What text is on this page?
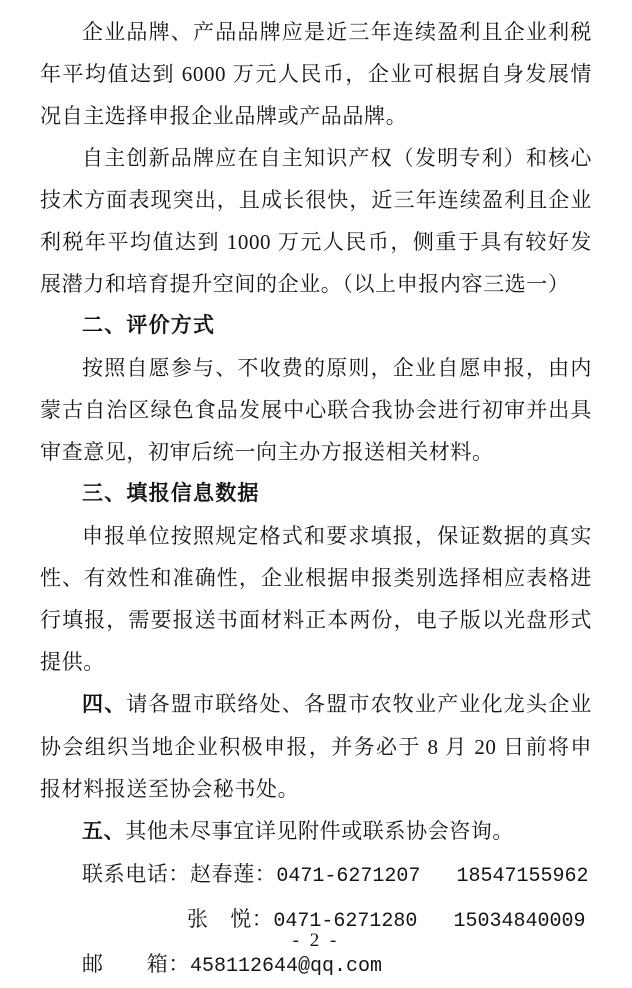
企业品牌、产品品牌应是近三年连续盈利且企业利税年平均值达到 6000 万元人民币，企业可根据自身发展情况自主选择申报企业品牌或产品品牌。

自主创新品牌应在自主知识产权（发明专利）和核心技术方面表现突出，且成长很快，近三年连续盈利且企业利税年平均值达到 1000 万元人民币，侧重于具有较好发展潜力和培育提升空间的企业。（以上申报内容三选一）

二、评价方式

按照自愿参与、不收费的原则，企业自愿申报，由内蒙古自治区绿色食品发展中心联合我协会进行初审并出具审查意见，初审后统一向主办方报送相关材料。

三、填报信息数据

申报单位按照规定格式和要求填报，保证数据的真实性、有效性和准确性，企业根据申报类别选择相应表格进行填报，需要报送书面材料正本两份，电子版以光盘形式提供。

四、请各盟市联络处、各盟市农牧业产业化龙头企业协会组织当地企业积极申报，并务必于 8 月 20 日前将申报材料报送至协会秘书处。

五、其他未尽事宜详见附件或联系协会咨询。

联系电话：赵春莲：0471-6271207 18547155962
张　悦：0471-6271280 15034840009
邮　　箱：458112644@qq.com
- 2 -
